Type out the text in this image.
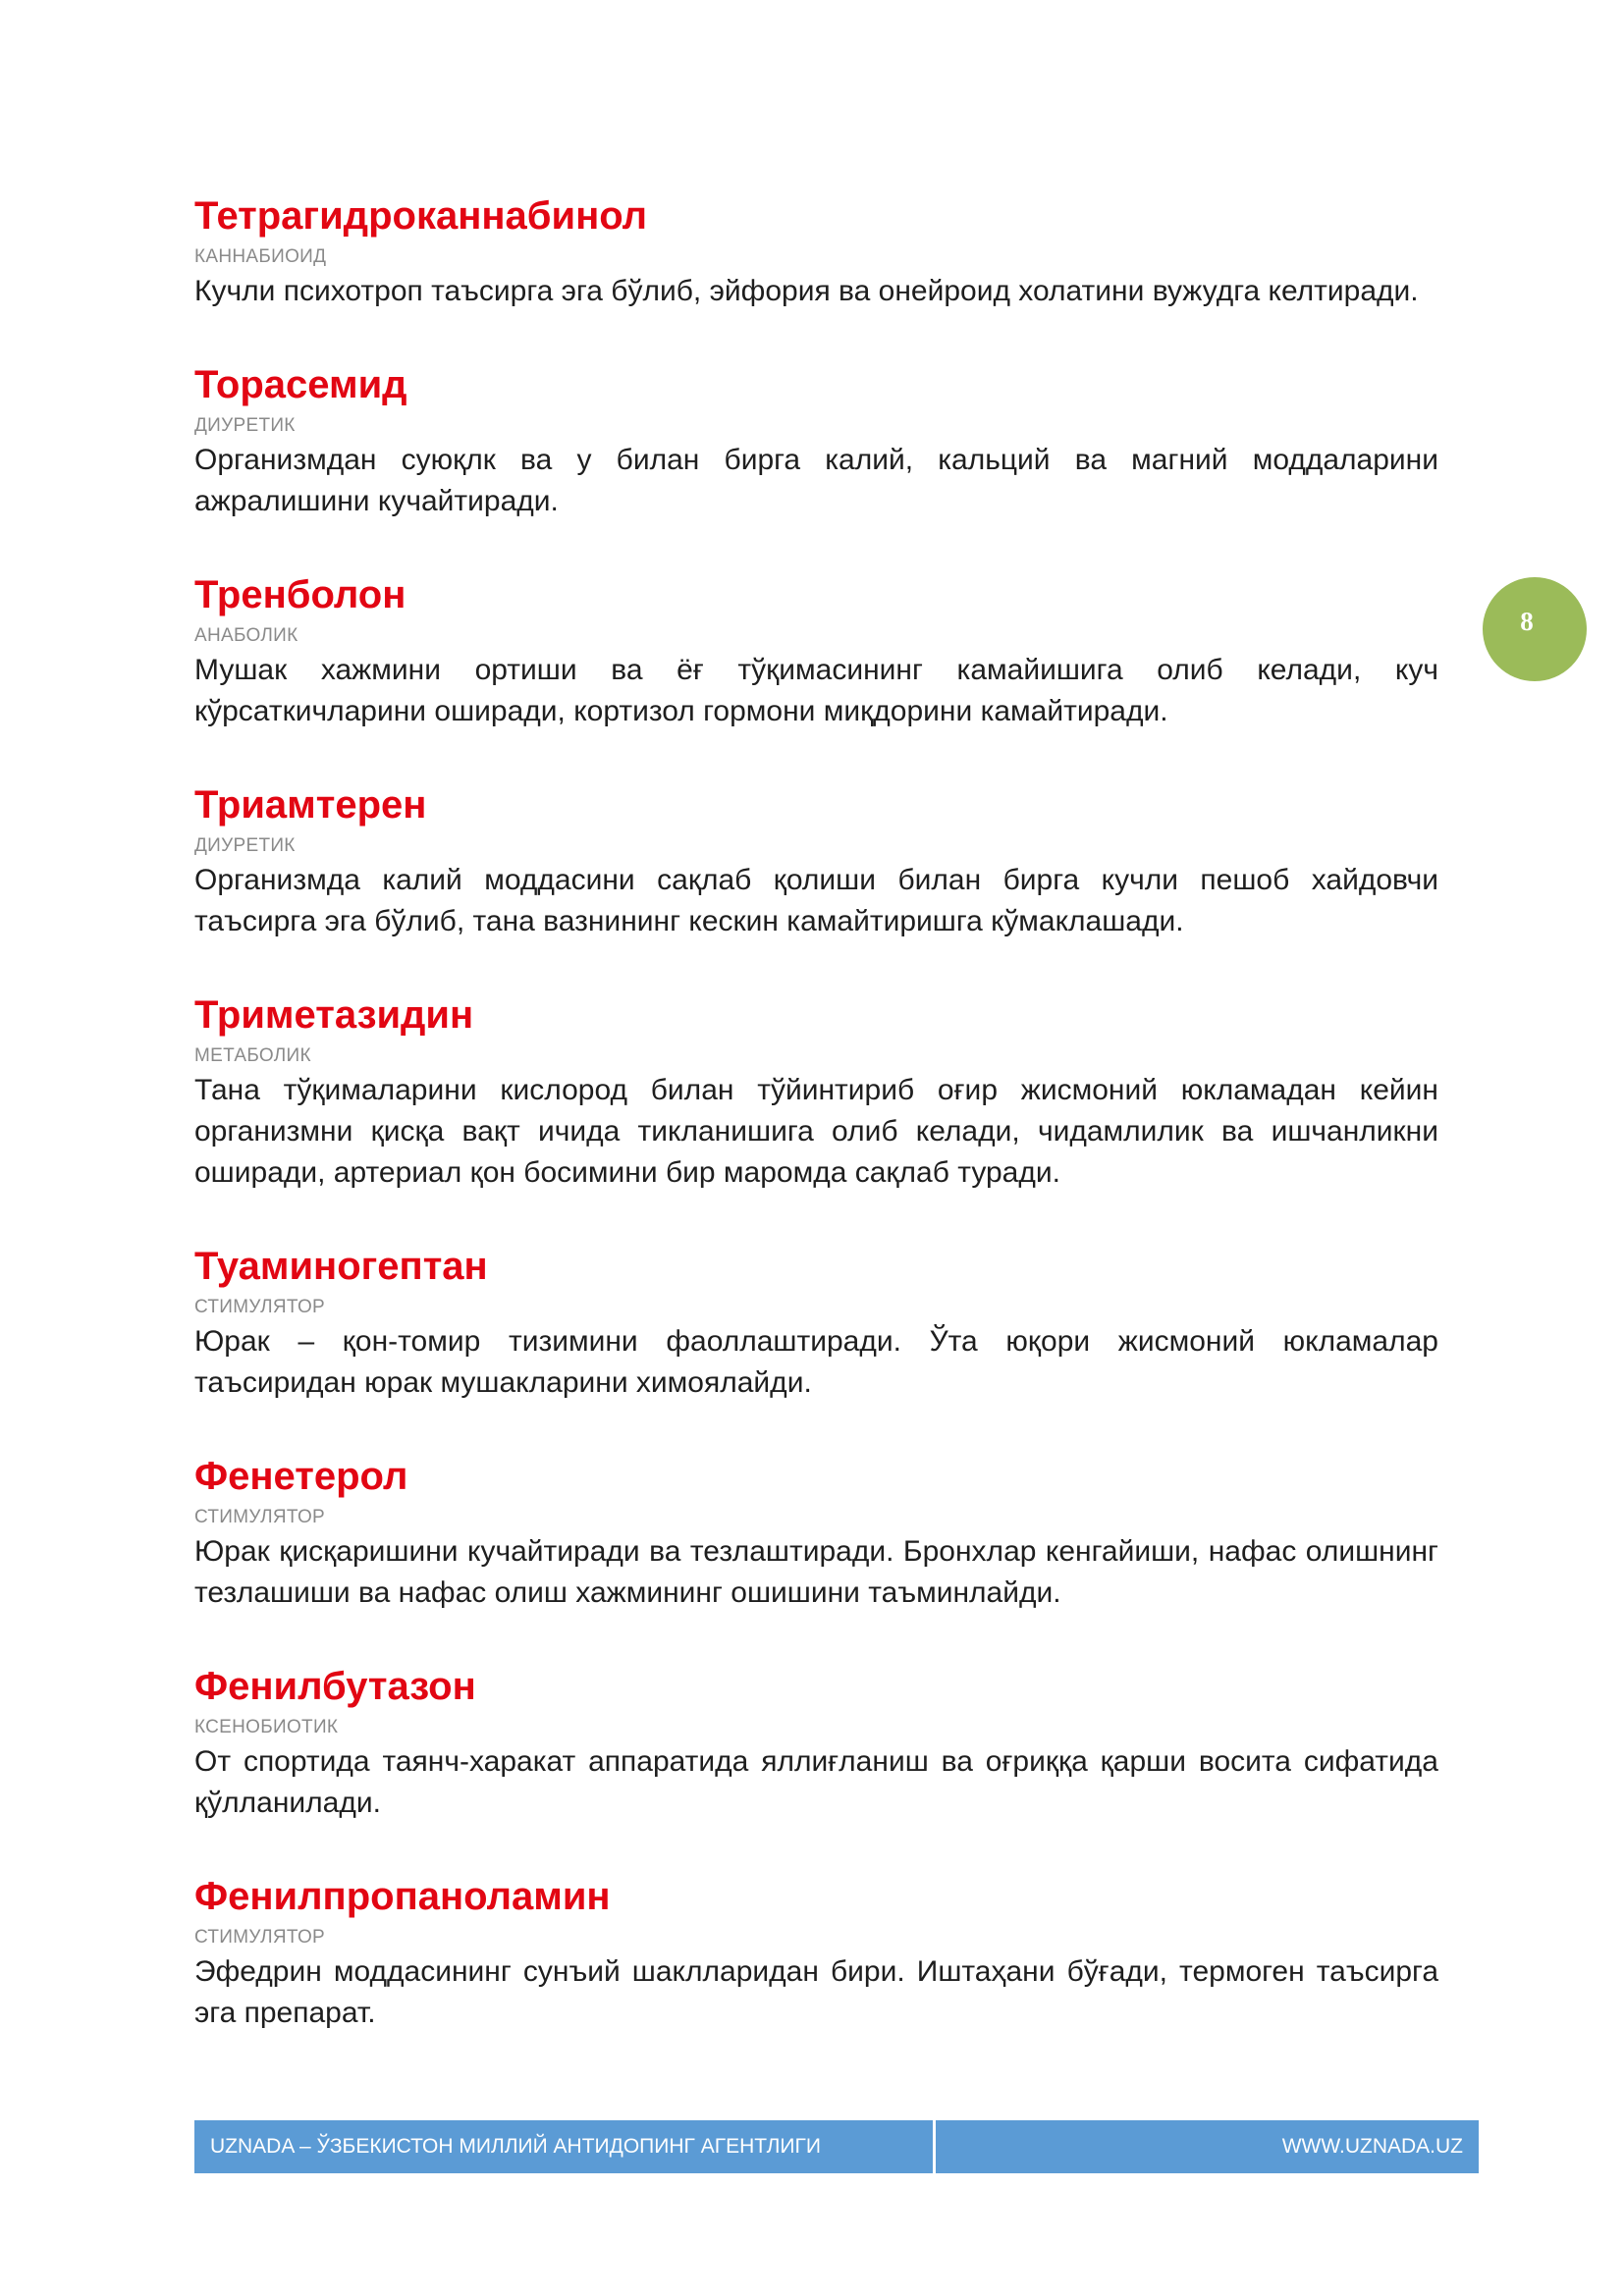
Тетрагидроканнабинол
КАННАБИОИД

Кучли психотроп таъсирга эга бўлиб, эйфория ва онейроид холатини вужудга келтиради.

Торасемид
ДИУРЕТИК

Организмдан суюқлк ва у билан бирга калий, кальций ва магний моддаларини ажралишини кучайтиради.

Тренболон
АНАБОЛИК

Мушак хажмини ортиши ва ёғ тўқимасининг камайишига олиб келади, куч кўрсаткичларини оширади, кортизол гормони миқдорини камайтиради.

Триамтерен
ДИУРЕТИК

Организмда калий моддасини сақлаб қолиши билан бирга кучли пешоб хайдовчи таъсирга эга бўлиб, тана вазнининг кескин камайтиришга кўмаклашади.

Триметазидин
МЕТАБОЛИК

Тана тўқималарини кислород билан тўйинтириб оғир жисмоний юкламадан кейин организмни қисқа вақт ичида тикланишига олиб келади, чидамлилик ва ишчанликни оширади, артериал қон босимини бир маромда сақлаб туради.

Туаминогептан
СТИМУЛЯТОР

Юрак – қон-томир тизимини фаоллаштиради. Ўта юқори жисмоний юкламалар таъсиридан юрак мушакларини химоялайди.

Фенетерол
СТИМУЛЯТОР

Юрак қисқаришини кучайтиради ва тезлаштиради. Бронхлар кенгайиши, нафас олишнинг тезлашиши ва нафас олиш хажмининг ошишини таъминлайди.

Фенилбутазон
КСЕНОБИОТИК

От спортида таянч-харакат аппаратида яллиғланиш ва оғриққа қарши восита сифатида қўлланилади.

Фенилпропаноламин
СТИМУЛЯТОР

Эфедрин моддасининг сунъий шаклларидан бири. Иштаҳани бўғади, термоген таъсирга эга препарат.

8
UZNADA – ЎЗБЕКИСТОН МИЛЛИЙ АНТИДОПИНГ АГЕНТЛИГИ	WWW.UZNADA.UZ
